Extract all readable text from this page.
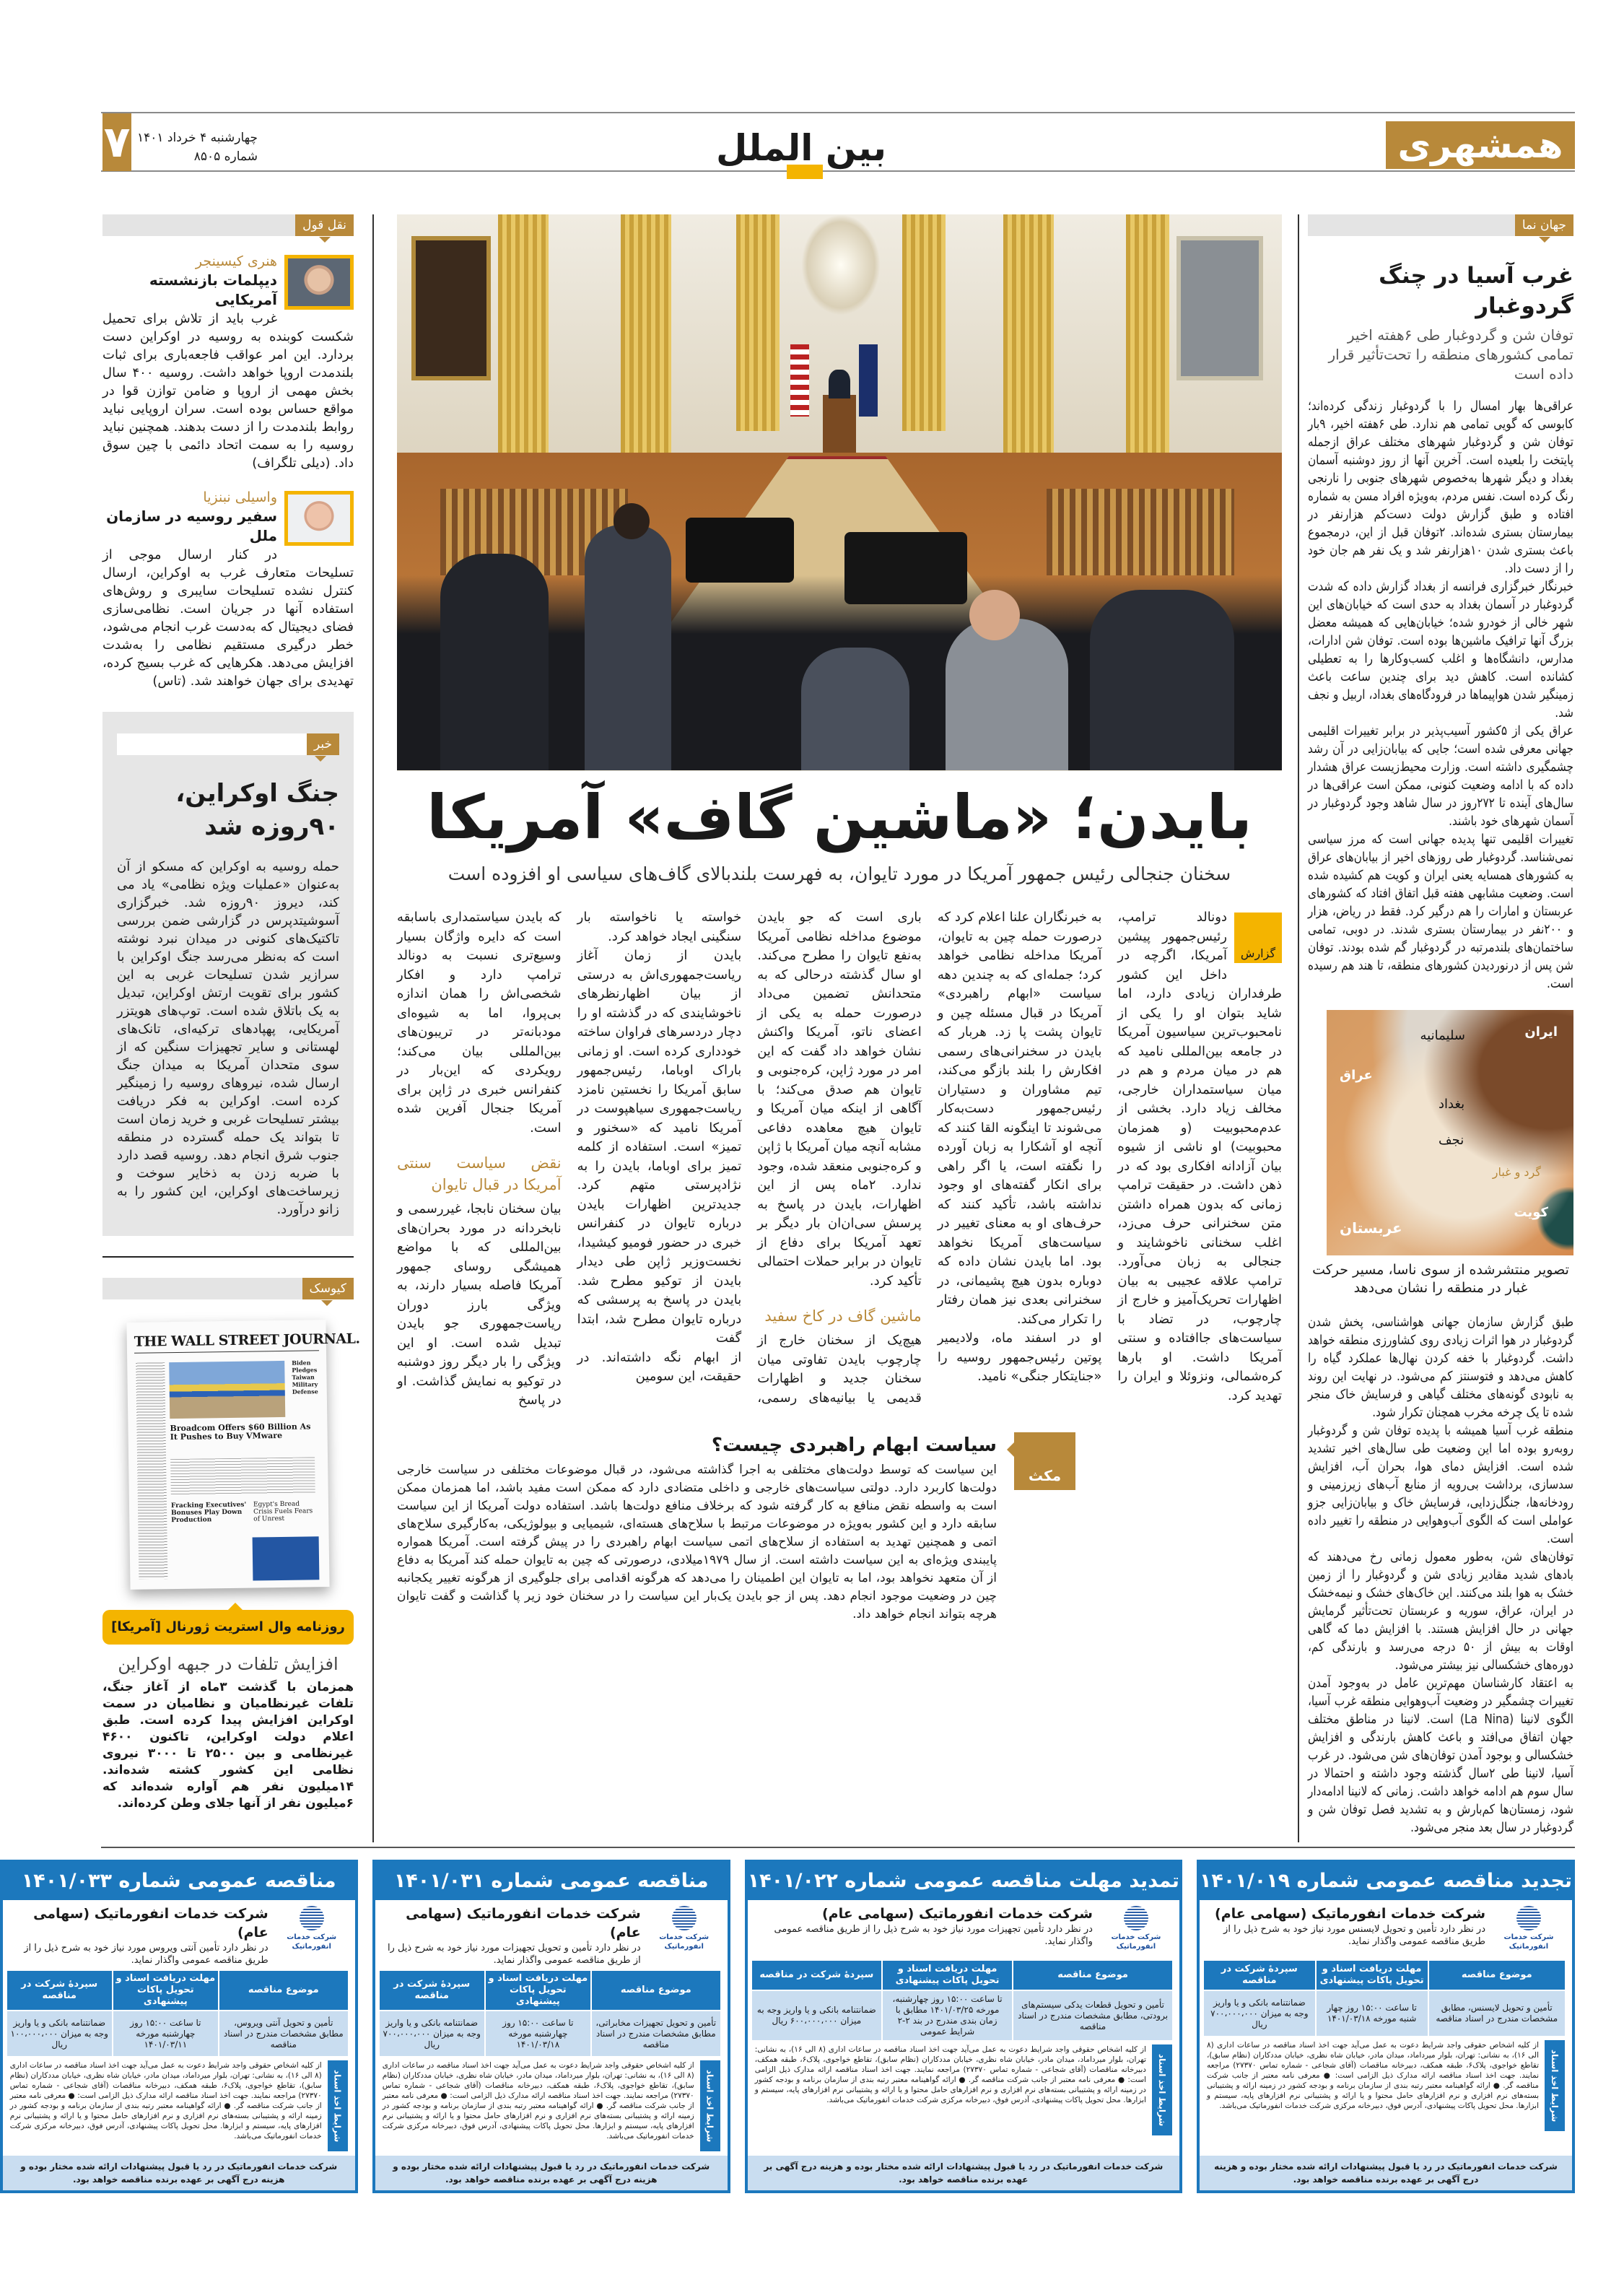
همشهری
بین الملل
۷ چهارشنبه ۴ خرداد ۱۴۰۱
شماره ۸۵۰۵
نقل قول
هنری کیسینجر
دیپلمات بازنشسته آمریکایی
غرب باید از تلاش برای تحمیل شکست کوبنده به روسیه در اوکراین دست بردارد. این امر عواقب فاجعه‌باری برای ثبات بلندمدت اروپا خواهد داشت. روسیه ۴۰۰ سال بخش مهمی از اروپا و ضامن توازن قوا در مواقع حساس بوده است. سران اروپایی نباید روابط بلندمدت را از دست بدهند. همچنین نباید روسیه را به سمت اتحاد دائمی با چین سوق داد. (دیلی تلگراف)
واسیلی نبنزیا
سفیر روسیه در سازمان ملل
در کنار ارسال موجی از تسلیحات متعارف غرب به اوکراین، ارسال کنترل نشده تسلیحات سایبری و روش‌های استفاده آنها در جریان است. نظامی‌سازی فضای دیجیتال که به‌دست غرب انجام می‌شود، خطر درگیری مستقیم نظامی را به‌شدت افزایش می‌دهد. هکرهایی که غرب بسیج کرده، تهدیدی برای جهان خواهند شد. (تاس)
خبر
جنگ اوکراین، ۹۰روزه شد
حمله روسیه به اوکراین که مسکو از آن به‌عنوان «عملیات ویژه نظامی» یاد می کند، دیروز ۹۰روزه شد. خبرگزاری آسوشیتدپرس در گزارشی ضمن بررسی تاکتیک‌های کنونی در میدان نبرد نوشته است که به‌نظر می‌رسد جنگ اوکراین با سرازیر شدن تسلیحات غربی به این کشور برای تقویت ارتش اوکراین، تبدیل به یک باتلاق شده است. توپ‌های هویتزر آمریکایی، پهپادهای ترکیه‌ای، تانک‌های لهستانی و سایر تجهیزات سنگین که از سوی متحدان آمریکا به میدان جنگ ارسال شده، نیروهای روسیه را زمینگیر کرده است. اوکراین به فکر دریافت بیشتر تسلیحات غربی و خرید زمان است تا بتواند یک حمله گسترده در منطقه جنوب شرق انجام دهد. روسیه قصد دارد با ضربه زدن به ذخایر سوخت و زیرساخت‌های اوکراین، این کشور را به زانو درآورد.
کیوسک
THE WALL STREET JOURNAL.
Biden Pledges Taiwan Military Defense
Broadcom Offers $60 Billion As It Pushes to Buy VMware
Fracking Executives' Bonuses Play Down Production
Egypt's Bread Crisis Fuels Fears of Unrest
روزنامه وال استریت ژورنال [آمریکا]
افزایش تلفات در جبهه اوکراین
همزمان با گذشت ۳ماه از آغاز جنگ، تلفات غیرنظامیان و نظامیان در سمت اوکراین افزایش پیدا کرده است. طبق اعلام دولت اوکراین، تاکنون ۴۶۰۰ غیرنظامی و بین ۲۵۰۰ تا ۳۰۰۰ نیروی نظامی این کشور کشته شده‌اند. ۱۴میلیون نفر هم آواره شده‌اند که ۶میلیون نفر از آنها جلای وطن کرده‌اند.
بایدن؛ «ماشین گاف» آمریکا
سخنان جنجالی رئیس جمهور آمریکا در مورد تایوان، به فهرست بلندبالای گاف‌های سیاسی او افزوده است
گزارش

دونالد ترامپ، رئیس‌جمهور پیشین آمریکا، اگرچه در داخل این کشور طرفداران زیادی دارد، اما شاید بتوان او را یکی از نامحبوب‌ترین سیاسیون آمریکا در جامعه بین‌المللی نامید که هم در میان مردم و هم در میان سیاستمداران خارجی، مخالف زیاد دارد. بخشی از عدم‌محبوبیت (و همزمان محبوبیت) او ناشی از شیوه بیان آزادانه افکاری بود که در ذهن داشت. در حقیقت ترامپ زمانی که بدون همراه داشتن متن سخنرانی حرف می‌زد، اغلب سخنانی ناخوشایند و جنجالی به زبان می‌آورد. ترامپ علاقه عجیبی به بیان اظهارات تحریک‌آمیز و خارج از چارچوب، در تضاد با سیاست‌های جاافتاده و سنتی آمریکا داشت. او بارها کره‌شمالی، ونزوئلا و ایران را تهدید کرد.

به خبرنگاران علنا اعلام کرد که درصورت حمله چین به تایوان، آمریکا مداخله نظامی خواهد کرد؛ جمله‌ای که به چندین دهه سیاست «ابهام راهبردی» آمریکا در قبال مسئله چین و تایوان پشت پا زد. هربار که بایدن در سخنرانی‌های رسمی افکارش را بلند بازگو می‌کند، تیم مشاوران و دستیاران رئیس‌جمهور دست‌به‌کار می‌شوند تا اینگونه القا کنند که آنچه او آشکارا به زبان آورده را نگفته است، یا اگر راهی برای انکار گفته‌های او وجود نداشته باشد، تأکید کنند که حرف‌های او به معنای تغییر در سیاست‌های آمریکا نخواهد بود. اما بایدن نشان داده که دوباره بدون هیچ پشیمانی، در سخنرانی بعدی نیز همان رفتار را تکرار می‌کند.

او در اسفند ماه، ولادیمیر پوتین رئیس‌جمهور روسیه را «جنایتکار جنگی» نامید.

باری است که جو بایدن موضوع مداخله نظامی آمریکا به‌نفع تایوان را مطرح می‌کند. او سال گذشته درحالی که به متحدانش تضمین می‌داد درصورت حمله به یکی از اعضای ناتو، آمریکا واکنش نشان خواهد داد گفت که این امر در مورد ژاپن، کره‌جنوبی و تایوان هم صدق می‌کند؛ با آگاهی از اینکه میان آمریکا و تایوان هیچ معاهده دفاعی مشابه آنچه میان آمریکا با ژاپن و کره‌جنوبی منعقد شده، وجود ندارد. ۲ماه پس از این اظهارات، بایدن در پاسخ به پرسش سی‌ان‌ان بار دیگر بر تعهد آمریکا برای دفاع از تایوان در برابر حملات احتمالی تأکید کرد.

ماشین گاف در کاخ سفید

هیچ‌یک از سخنان خارج از چارچوب بایدن تفاوتی میان سخنان جدید و اظهارات قدیمی یا بیانیه‌های رسمی، خواسته یا ناخواسته بار سنگینی ایجاد خواهد کرد.

بایدن از زمان آغاز ریاست‌جمهوری‌اش به درستی از بیان اظهارنظرهای ناخوشایندی که در گذشته او را دچار دردسرهای فراوان ساخته خودداری کرده است. او زمانی باراک اوباما، رئیس‌جمهور سابق آمریکا را نخستین نامزد ریاست‌جمهوری سیاهپوست در آمریکا نامید که «سخنور و تمیز» است. استفاده از کلمه تمیز برای اوباما، بایدن را به نژادپرستی متهم کرد. جدیدترین اظهارات بایدن درباره تایوان در کنفرانس خبری در حضور فومیو کیشیدا، نخست‌وزیر ژاپن طی دیدار بایدن از توکیو مطرح شد. بایدن در پاسخ به پرسشی که درباره تایوان مطرح شد، ابتدا گفت

از ابهام نگه داشته‌اند. در حقیقت، این سومین

که بایدن سیاستمداری باسابقه است که دایره واژگان بسیار وسیع‌تری نسبت به دونالد ترامپ دارد و افکار شخصی‌اش را همان اندازه بی‌پروا، اما به شیوه‌ای مودبانه‌تر در تریبون‌های بین‌المللی بیان می‌کند؛ رویکردی که این‌بار در کنفرانس خبری در ژاپن برای آمریکا جنجال آفرین شده است.

نقض سیاست سنتی آمریکا در قبال تایوان

بیان سخنان نابجا، غیررسمی و نابخردانه در مورد بحران‌های بین‌المللی که با مواضع همیشگی روسای جمهور آمریکا فاصله بسیار دارند، به ویژگی بارز دوران ریاست‌جمهوری جو بایدن تبدیل شده است. او این ویژگی را بار دیگر روز دوشنبه در توکیو به نمایش گذاشت. او در پاسخ

مکث
سیاست ابهام راهبردی چیست؟
این سیاست که توسط دولت‌های مختلفی به اجرا گذاشته می‌شود، در قبال موضوعات مختلفی در سیاست خارجی دولت‌ها کاربرد دارد. دولتی سیاست‌های خارجی و داخلی متضادی دارد که ممکن است مفید باشد، اما همزمان ممکن است به واسطه نقض منافع به کار گرفته شود که برخلاف منافع دولت‌ها باشد. استفاده دولت آمریکا از این سیاست سابقه دارد و این کشور به‌ویژه در موضوعات مرتبط با سلاح‌های هسته‌ای، شیمیایی و بیولوژیکی، به‌کارگیری سلاح‌های اتمی و همچنین تهدید به استفاده از سلاح‌های اتمی سیاست ابهام راهبردی را در پیش گرفته است. آمریکا همواره پایبندی ویژه‌ای به این سیاست داشته است. از سال ۱۹۷۹میلادی، درصورتی که چین به تایوان حمله کند آمریکا به دفاع از آن متعهد نخواهد بود، اما به تایوان این اطمینان را می‌دهد که هرگونه اقدامی برای جلوگیری از هرگونه تغییر یکجانبه چین در وضعیت موجود انجام دهد. پس از جو بایدن یک‌بار این سیاست را در سخنان خود زیر پا گذاشت و گفت تایوان هرچه بتواند انجام خواهد داد.
جهان نما
غرب آسیا در چنگ گردوغبار
توفان شن و گردوغبار طی ۶هفته اخیر تمامی کشورهای منطقه را تحت‌تأثیر قرار داده است

عراقی‌ها بهار امسال را با گردوغبار زندگی کرده‌اند؛ کابوسی که گویی تمامی هم ندارد. طی ۶هفته اخیر، ۹بار توفان شن و گردوغبار شهرهای مختلف عراق ازجمله پایتخت را بلعیده است. آخرین آنها از روز دوشنبه آسمان بغداد و دیگر شهرها به‌خصوص شهرهای جنوبی را نارنجی رنگ کرده است. نفس مردم، به‌ویژه افراد مسن به شماره افتاده و طبق گزارش دولت دست‌کم هزارنفر در بیمارستان بستری شده‌اند. ۲توفان قبل از این، درمجموع باعث بستری شدن ۱۰هزارنفر شد و یک نفر هم جان خود را از دست داد.

خبرنگار خبرگزاری فرانسه از بغداد گزارش داده که شدت گردوغبار در آسمان بغداد به حدی است که خیابان‌های این شهر خالی از خودرو شده؛ خیابان‌هایی که همیشه معضل بزرگ آنها ترافیک ماشین‌ها بوده است. توفان شن ادارات، مدارس، دانشگاه‌ها و اغلب کسب‌وکارها را به تعطیلی کشانده است. کاهش دید برای چندین ساعت باعث زمینگیر شدن هواپیماها در فرودگاه‌های بغداد، اربیل و نجف شد.

عراق یکی از ۵کشور آسیب‌پذیر در برابر تغییرات اقلیمی جهانی معرفی شده است؛ جایی که بیابان‌زایی در آن رشد چشمگیری داشته است. وزارت محیط‌زیست عراق هشدار داده که با ادامه وضعیت کنونی، ممکن است عراقی‌ها در سال‌های آینده تا ۲۷۲روز در سال شاهد وجود گردوغبار در آسمان شهرهای خود باشند.

تغییرات اقلیمی تنها پدیده جهانی است که مرز سیاسی نمی‌شناسد. گردوغبار طی روزهای اخیر از بیابان‌های عراق به کشورهای همسایه یعنی ایران و کویت هم کشیده شده است. وضعیت مشابهی هفته قبل اتفاق افتاد که کشورهای عربستان و امارات را هم درگیر کرد. فقط در ریاض، هزار و ۲۰۰نفر در بیمارستان بستری شدند. در دوبی، تمامی ساختمان‌های بلندمرتبه در گردوغبار گم شده بودند. توفان شن پس از درنوردیدن کشورهای منطقه، تا هند هم رسیده است.

ایران
سلیمانیه
عراق
بغداد
نجف
گرد و غبار
کویت
عربستان
تصویر منتشرشده از سوی ناسا، مسیر حرکت غبار در منطقه را نشان می‌دهد

طبق گزارش سازمان جهانی هواشناسی، پخش شدن گردوغبار در هوا اثرات زیادی روی کشاورزی منطقه خواهد داشت. گردوغبار با خفه کردن نهال‌ها عملکرد گیاه را کاهش می‌دهد و فتوسنتز کم می‌شود. در نهایت این روند به نابودی گونه‌های مختلف گیاهی و فرسایش خاک منجر شده تا یک چرخه مخرب همچنان تکرار شود.

منطقه غرب آسیا همیشه با پدیده توفان شن و گردوغبار روبه‌رو بوده اما این وضعیت طی سال‌های اخیر تشدید شده است. افزایش دمای هوا، بحران آب، افزایش سدسازی، برداشت بی‌رویه از منابع آب‌های زیرزمینی و رودخانه‌ها، جنگل‌زدایی، فرسایش خاک و بیابان‌زایی جزو عواملی است که الگوی آب‌وهوایی در منطقه را تغییر داده است.

توفان‌های شن، به‌طور معمول زمانی رخ می‌دهند که بادهای شدید مقادیر زیادی شن و گردوغبار را از زمین خشک به هوا بلند می‌کنند. این خاک‌های خشک و نیمه‌خشک در ایران، عراق، سوریه و عربستان تحت‌تأثیر گرمایش جهانی در حال افزایش هستند. با افزایش دما که گاهی اوقات به بیش از ۵۰ درجه می‌رسد و بارندگی کم، دوره‌های خشکسالی نیز بیشتر می‌شود.

به اعتقاد کارشناسان مهم‌ترین عامل در به‌وجود آمدن تغییرات چشمگیر در وضعیت آب‌وهوایی منطقه غرب آسیا، الگوی لانینا (La Nina) است. لانینا در مناطق مختلف جهان اتفاق می‌افتد و باعث کاهش بارندگی و افزایش خشکسالی و بوجود آمدن توفان‌های شن می‌شود. در غرب آسیا، لانینا طی ۲سال گذشته وجود داشته و احتمالا در سال سوم هم ادامه خواهد داشت. زمانی که لانینا ادامه‌دار شود، زمستان‌ها کم‌بارش و به تشدید فصل توفان شن و گردوغبار در سال بعد منجر می‌شود.

تجدید مناقصه عمومی شماره ۱۴۰۱/۰۱۹
شرکت خدمات انفورماتیک
شرکت خدمات انفورماتیک (سهامی عام)
در نظر دارد تأمین و تحویل لایسنس مورد نیاز خود به شرح ذیل را از طریق مناقصه عمومی واگذار نماید.
موضوع مناقصه
مهلت دریافت اسناد و تحویل پاکات پیشنهادی
سپردهٔ شرکت در مناقصه
تأمین و تحویل لایسنس، مطابق مشخصات مندرج در اسناد مناقصه
تا ساعت ۱۵:۰۰ روز چهار شنبه مورخه ۱۴۰۱/۰۳/۱۸
ضمانتنامه بانکی و یا واریز وجه به میزان ۷۰۰،۰۰۰،۰۰۰ ریال
شرایط اخذ اسناد
از کلیه اشخاص حقوقی واجد شرایط دعوت به عمل می‌آید جهت اخذ اسناد مناقصه در ساعات اداری (۸ الی ۱۶)، به نشانی: تهران، بلوار میرداماد، میدان مادر، خیابان شاه نظری، خیابان مددکاران (نظام سابق)، تقاطع خواجوی، پلاک۶، طبقه همکف، دبیرخانه مناقصات (آقای شجاعی - شماره تماس ۲۷۳۷۰) مراجعه نمایند. جهت اخذ اسناد مناقصه ارائه مدارک ذیل الزامی است: ● معرفی نامه معتبر از جانب شرکت مناقصه گر. ● ارائه گواهینامه معتبر رتبه بندی از سازمان برنامه و بودجه کشور در زمینه ارائه و پشتیبانی بسته‌های نرم افزاری و نرم افزارهای حامل محتوا و یا ارائه و پشتیبانی نرم افزارهای پایه، سیستم و ابزارها. محل تحویل پاکات پیشنهادی، آدرس فوق، دبیرخانه مرکزی شرکت خدمات انفورماتیک می‌باشد.
شرکت خدمات انفورماتیک در رد یا قبول پیشنهادات ارائه شده مختار بوده و هزینه درج آگهی بر عهده برنده مناقصه خواهد بود.
تمدید مهلت مناقصه عمومی شماره ۱۴۰۱/۰۲۲
شرکت خدمات انفورماتیک
شرکت خدمات انفورماتیک (سهامی عام)
در نظر دارد تأمین تجهیزات مورد نیاز خود به شرح ذیل را از طریق مناقصه عمومی واگذار نماید.
موضوع مناقصه
مهلت دریافت اسناد و تحویل پاکات پیشنهادی
سپردهٔ شرکت در مناقصه
تأمین و تحویل قطعات یدکی سیستم‌های برودتی، مطابق مشخصات مندرج در اسناد مناقصه
تا ساعت ۱۵:۰۰ روز چهارشنبه، مورخه ۱۴۰۱/۰۳/۲۵ مطابق با زمان بندی مندرج در بند ۲-۲ شرایط عمومی
ضمانتنامه بانکی و یا واریز وجه به میزان ۶۰۰،۰۰۰،۰۰۰ ریال
شرایط اخذ اسناد
از کلیه اشخاص حقوقی واجد شرایط دعوت به عمل می‌آید جهت اخذ اسناد مناقصه در ساعات اداری (۸ الی ۱۶)، به نشانی: تهران، بلوار میرداماد، میدان مادر، خیابان شاه نظری، خیابان مددکاران (نظام سابق)، تقاطع خواجوی، پلاک۶، طبقه همکف، دبیرخانه مناقصات (آقای شجاعی - شماره تماس ۲۷۳۷۰) مراجعه نمایند. جهت اخذ اسناد مناقصه ارائه مدارک ذیل الزامی است: ● معرفی نامه معتبر از جانب شرکت مناقصه گر. ● ارائه گواهینامه معتبر رتبه بندی از سازمان برنامه و بودجه کشور در زمینه ارائه و پشتیبانی بسته‌های نرم افزاری و نرم افزارهای حامل محتوا و یا ارائه و پشتیبانی نرم افزارهای پایه، سیستم و ابزارها. محل تحویل پاکات پیشنهادی، آدرس فوق، دبیرخانه مرکزی شرکت خدمات انفورماتیک می‌باشد.
شرکت خدمات انفورماتیک در رد یا قبول پیشنهادات ارائه شده مختار بوده و هزینه درج آگهی بر عهده برنده مناقصه خواهد بود.
مناقصه عمومی شماره ۱۴۰۱/۰۳۱
شرکت خدمات انفورماتیک
شرکت خدمات انفورماتیک (سهامی عام)
در نظر دارد تأمین و تحویل تجهیزات مورد نیاز خود به شرح ذیل را از طریق مناقصه عمومی واگذار نماید.
موضوع مناقصه
مهلت دریافت اسناد و تحویل پاکات پیشنهادی
سپردهٔ شرکت در مناقصه
تأمین و تحویل تجهیزات مخابراتی، مطابق مشخصات مندرج در اسناد مناقصه
تا ساعت ۱۵:۰۰ روز چهارشنبه مورخه ۱۴۰۱/۰۳/۱۸
ضمانتنامه بانکی و یا واریز وجه به میزان ۷۰۰،۰۰۰،۰۰۰ ریال
شرایط اخذ اسناد
از کلیه اشخاص حقوقی واجد شرایط دعوت به عمل می‌آید جهت اخذ اسناد مناقصه در ساعات اداری (۸ الی ۱۶)، به نشانی: تهران، بلوار میرداماد، میدان مادر، خیابان شاه نظری، خیابان مددکاران (نظام سابق)، تقاطع خواجوی، پلاک۶، طبقه همکف، دبیرخانه مناقصات (آقای شجاعی - شماره تماس ۲۷۳۷۰) مراجعه نمایند. جهت اخذ اسناد مناقصه ارائه مدارک ذیل الزامی است: ● معرفی نامه معتبر از جانب شرکت مناقصه گر. ● ارائه گواهینامه معتبر رتبه بندی از سازمان برنامه و بودجه کشور در زمینه ارائه و پشتیبانی بسته‌های نرم افزاری و نرم افزارهای حامل محتوا و یا ارائه و پشتیبانی نرم افزارهای پایه، سیستم و ابزارها. محل تحویل پاکات پیشنهادی، آدرس فوق، دبیرخانه مرکزی شرکت خدمات انفورماتیک می‌باشد.
شرکت خدمات انفورماتیک در رد یا قبول پیشنهادات ارائه شده مختار بوده و هزینه درج آگهی بر عهده برنده مناقصه خواهد بود.
مناقصه عمومی شماره ۱۴۰۱/۰۳۳
شرکت خدمات انفورماتیک
شرکت خدمات انفورماتیک (سهامی عام)
در نظر دارد تأمین آنتی ویروس مورد نیاز خود به شرح ذیل را از طریق مناقصه عمومی واگذار نماید.
موضوع مناقصه
مهلت دریافت اسناد و تحویل پاکات پیشنهادی
سپردهٔ شرکت در مناقصه
تأمین و تحویل آنتی ویروس، مطابق مشخصات مندرج در اسناد مناقصه
تا ساعت ۱۵:۰۰ روز چهارشنبه مورخه ۱۴۰۱/۰۳/۱۱
ضمانتنامه بانکی و یا واریز وجه به میزان ۱۰۰،۰۰۰،۰۰۰ ریال
شرایط اخذ اسناد
از کلیه اشخاص حقوقی واجد شرایط دعوت به عمل می‌آید جهت اخذ اسناد مناقصه در ساعات اداری (۸ الی ۱۶)، به نشانی: تهران، بلوار میرداماد، میدان مادر، خیابان شاه نظری، خیابان مددکاران (نظام سابق)، تقاطع خواجوی، پلاک۶، طبقه همکف، دبیرخانه مناقصات (آقای شجاعی - شماره تماس ۲۷۳۷۰) مراجعه نمایند. جهت اخذ اسناد مناقصه ارائه مدارک ذیل الزامی است: ● معرفی نامه معتبر از جانب شرکت مناقصه گر. ● ارائه گواهینامه معتبر رتبه بندی از سازمان برنامه و بودجه کشور در زمینه ارائه و پشتیبانی بسته‌های نرم افزاری و نرم افزارهای حامل محتوا و یا ارائه و پشتیبانی نرم افزارهای پایه، سیستم و ابزارها. محل تحویل پاکات پیشنهادی، آدرس فوق، دبیرخانه مرکزی شرکت خدمات انفورماتیک می‌باشد.
شرکت خدمات انفورماتیک در رد یا قبول پیشنهادات ارائه شده مختار بوده و هزینه درج آگهی بر عهده برنده مناقصه خواهد بود.
